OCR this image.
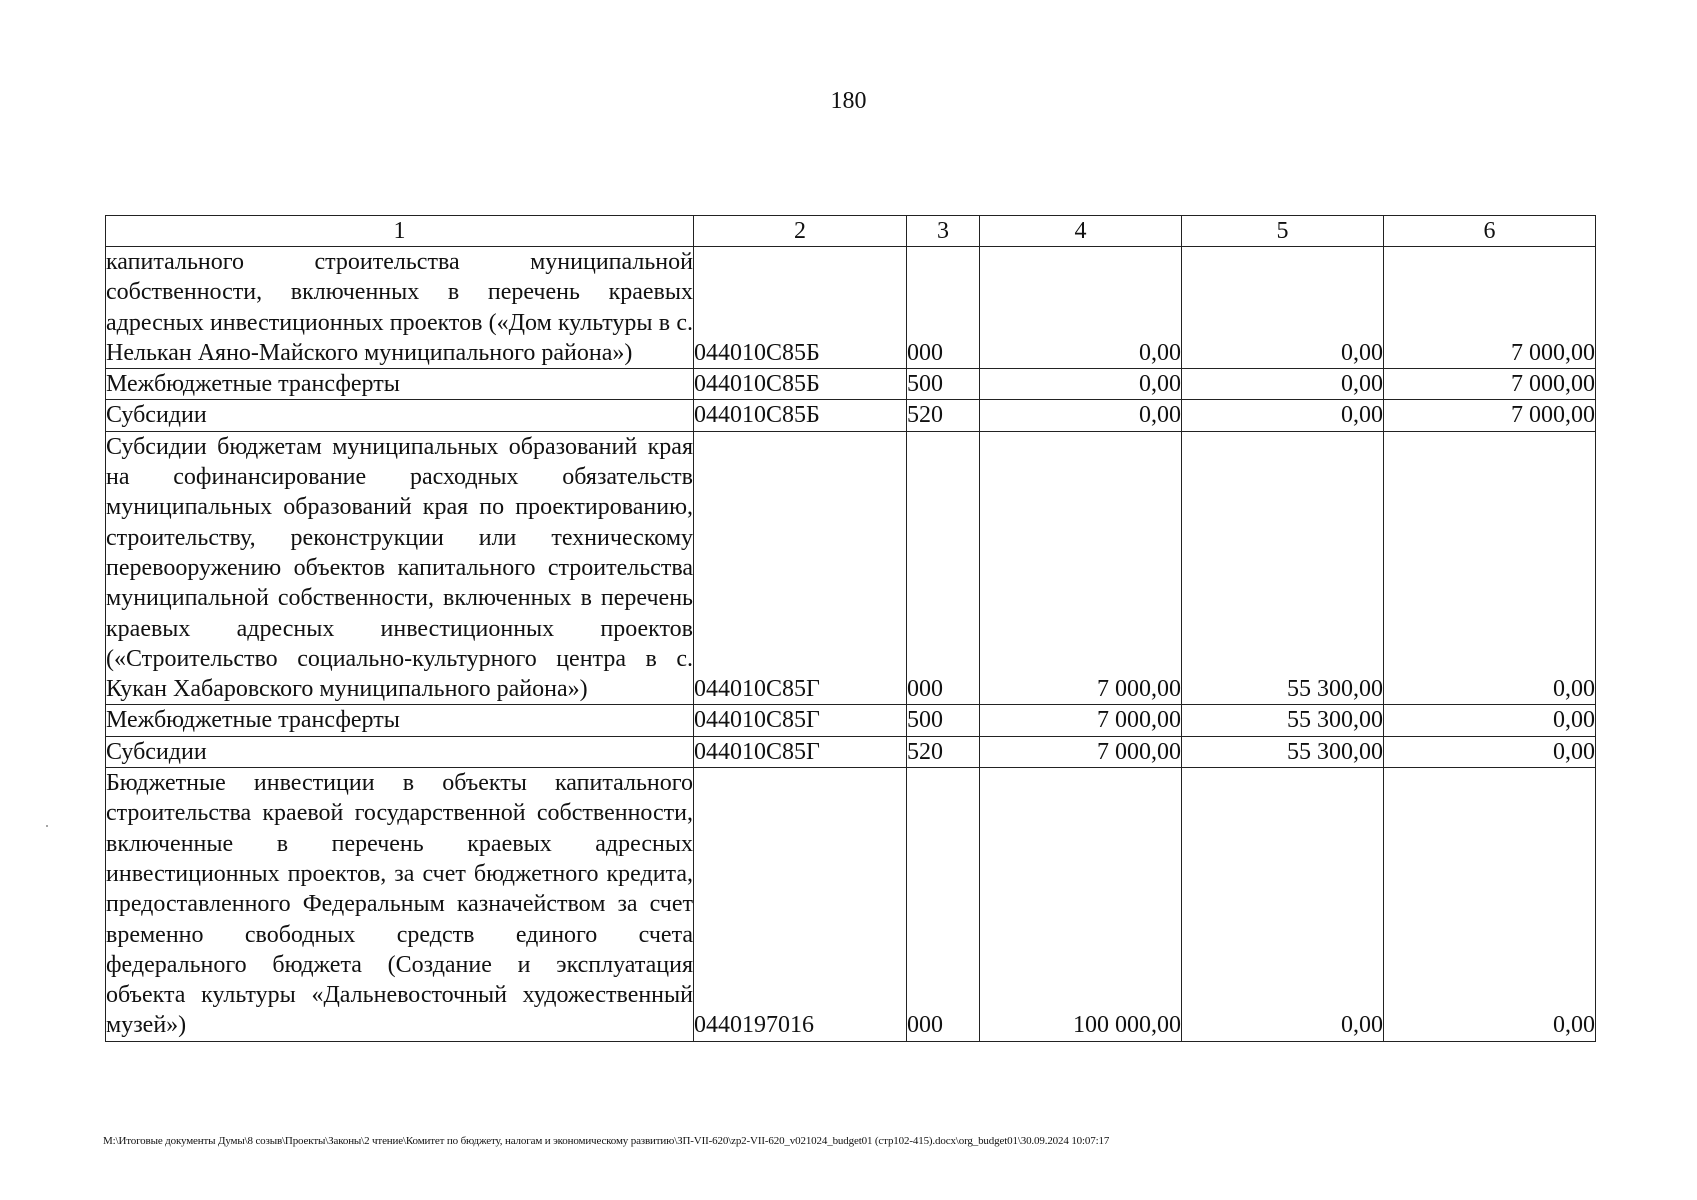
180
1	2	3	4	5	6
капитального строительства муниципальной собственности, включенных в перечень краевых адресных инвестиционных проектов («Дом культуры в с. Нелькан Аяно-Майского муниципального района»)	044010С85Б	000	0,00	0,00	7 000,00
Межбюджетные трансферты	044010С85Б	500	0,00	0,00	7 000,00
Субсидии	044010С85Б	520	0,00	0,00	7 000,00
Субсидии бюджетам муниципальных образований края на софинансирование расходных обязательств муниципальных образований края по проектированию, строительству, реконструкции или техническому перевооружению объектов капитального строительства муниципальной собственности, включенных в перечень краевых адресных инвестиционных проектов («Строительство социально-культурного центра в с. Кукан Хабаровского муниципального района»)	044010С85Г	000	7 000,00	55 300,00	0,00
Межбюджетные трансферты	044010С85Г	500	7 000,00	55 300,00	0,00
Субсидии	044010С85Г	520	7 000,00	55 300,00	0,00
Бюджетные инвестиции в объекты капитального строительства краевой государственной собственности, включенные в перечень краевых адресных инвестиционных проектов, за счет бюджетного кредита, предоставленного Федеральным казначейством за счет временно свободных средств единого счета федерального бюджета (Создание и эксплуатация объекта культуры «Дальневосточный художественный музей»)	0440197016	000	100 000,00	0,00	0,00
M:\Итоговые документы Думы\8 созыв\Проекты\Законы\2 чтение\Комитет по бюджету, налогам и экономическому развитию\ЗП-VII-620\zp2-VII-620_v021024_budget01 (стр102-415).docx\org_budget01\30.09.2024 10:07:17
